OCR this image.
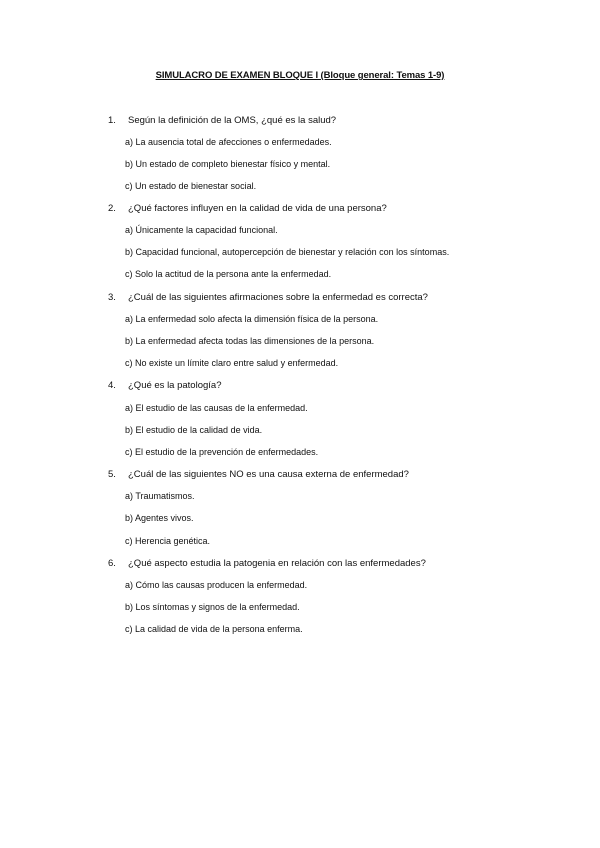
SIMULACRO DE EXAMEN BLOQUE I (Bloque general: Temas 1-9)
1. Según la definición de la OMS, ¿qué es la salud?
a) La ausencia total de afecciones o enfermedades.
b) Un estado de completo bienestar físico y mental.
c) Un estado de bienestar social.
2. ¿Qué factores influyen en la calidad de vida de una persona?
a) Únicamente la capacidad funcional.
b) Capacidad funcional, autopercepción de bienestar y relación con los síntomas.
c) Solo la actitud de la persona ante la enfermedad.
3. ¿Cuál de las siguientes afirmaciones sobre la enfermedad es correcta?
a) La enfermedad solo afecta la dimensión física de la persona.
b) La enfermedad afecta todas las dimensiones de la persona.
c) No existe un límite claro entre salud y enfermedad.
4. ¿Qué es la patología?
a) El estudio de las causas de la enfermedad.
b) El estudio de la calidad de vida.
c) El estudio de la prevención de enfermedades.
5. ¿Cuál de las siguientes NO es una causa externa de enfermedad?
a) Traumatismos.
b) Agentes vivos.
c) Herencia genética.
6. ¿Qué aspecto estudia la patogenia en relación con las enfermedades?
a) Cómo las causas producen la enfermedad.
b) Los síntomas y signos de la enfermedad.
c) La calidad de vida de la persona enferma.
